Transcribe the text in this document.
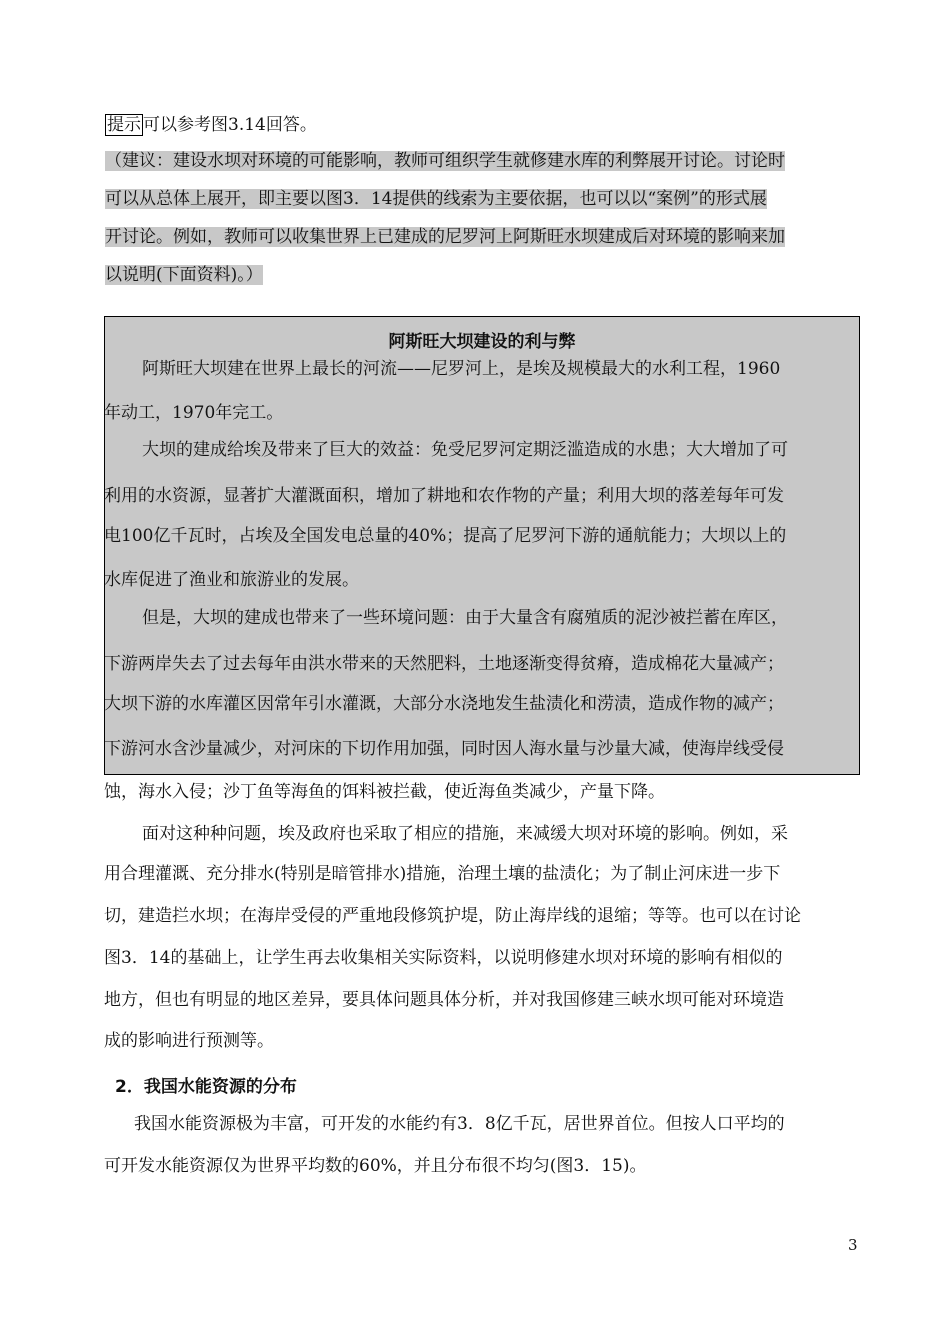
提示 可以参考图3.14回答。
（建议：建设水坝对环境的可能影响，教师可组织学生就修建水库的利弊展开讨论。讨论时
可以从总体上展开，即主要以图3．14提供的线索为主要依据，也可以以“案例”的形式展
开讨论。例如，教师可以收集世界上已建成的尼罗河上阿斯旺水坝建成后对环境的影响来加
以说明(下面资料)。）
阿斯旺大坝建设的利与弊
阿斯旺大坝建在世界上最长的河流——尼罗河上，是埃及规模最大的水利工程，1960
年动工，1970年完工。
大坝的建成给埃及带来了巨大的效益：免受尼罗河定期泛滥造成的水患；大大增加了可
利用的水资源，显著扩大灌溉面积，增加了耕地和农作物的产量；利用大坝的落差每年可发
电100亿千瓦时，占埃及全国发电总量的40%；提高了尼罗河下游的通航能力；大坝以上的
水库促进了渔业和旅游业的发展。
但是，大坝的建成也带来了一些环境问题：由于大量含有腐殖质的泥沙被拦蓄在库区，
下游两岸失去了过去每年由洪水带来的天然肥料，土地逐渐变得贫瘠，造成棉花大量减产；
大坝下游的水库灌区因常年引水灌溉，大部分水浇地发生盐渍化和涝渍，造成作物的减产；
下游河水含沙量减少，对河床的下切作用加强，同时因人海水量与沙量大减，使海岸线受侵
蚀，海水入侵；沙丁鱼等海鱼的饵料被拦截，使近海鱼类减少，产量下降。
面对这种种问题，埃及政府也采取了相应的措施，来减缓大坝对环境的影响。例如，采
用合理灌溉、充分排水(特别是暗管排水)措施，治理土壤的盐渍化；为了制止河床进一步下
切，建造拦水坝；在海岸受侵的严重地段修筑护堤，防止海岸线的退缩；等等。也可以在讨论
图3．14的基础上，让学生再去收集相关实际资料，以说明修建水坝对环境的影响有相似的
地方，但也有明显的地区差异，要具体问题具体分析，并对我国修建三峡水坝可能对环境造
成的影响进行预测等。
2．我国水能资源的分布
我国水能资源极为丰富，可开发的水能约有3．8亿千瓦，居世界首位。但按人口平均的
可开发水能资源仅为世界平均数的60%，并且分布很不均匀(图3．15)。
3
